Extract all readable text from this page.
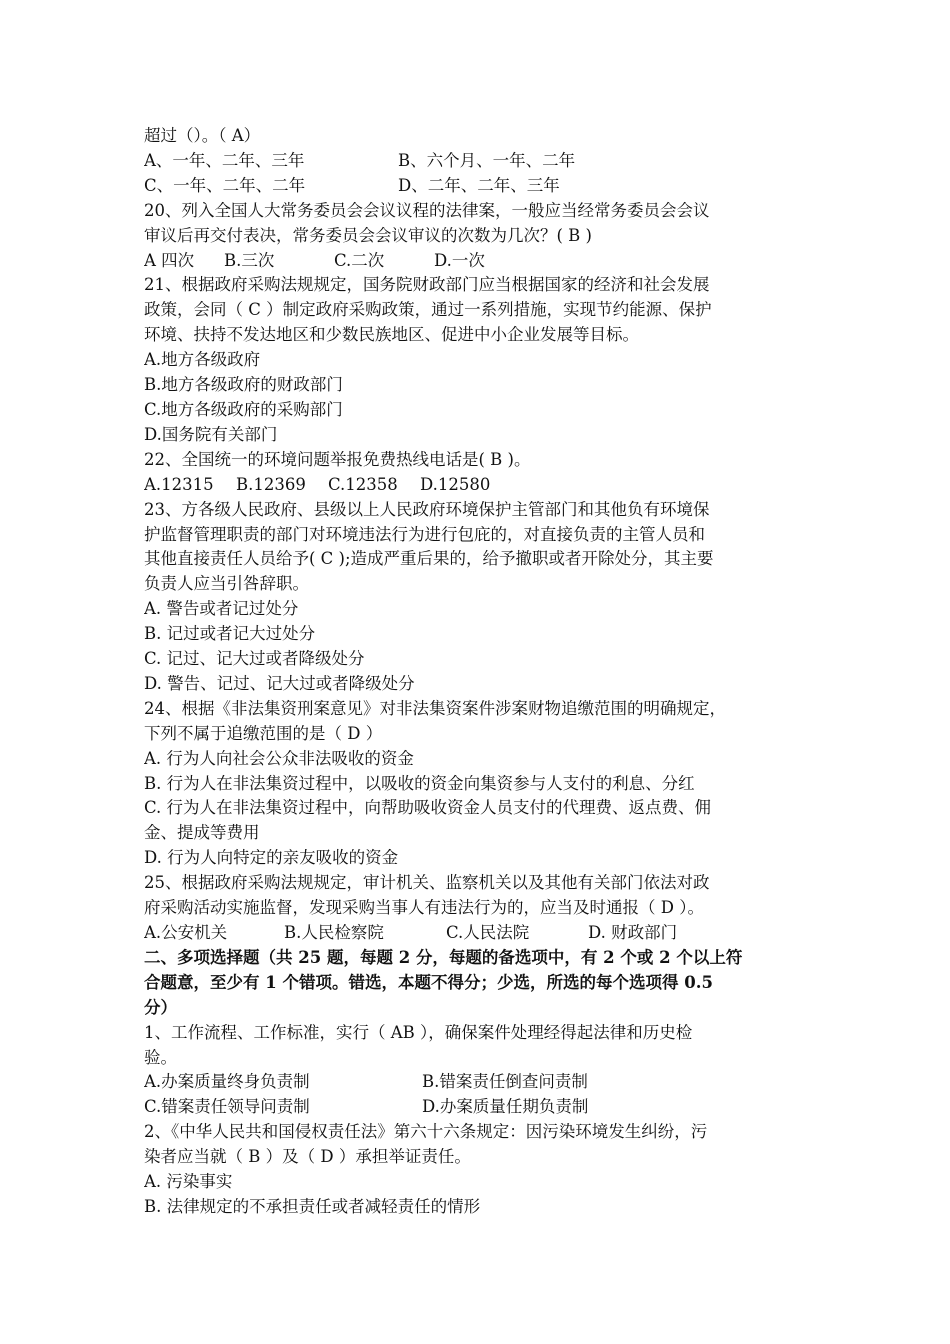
超过（）。（ A）
A、一年、二年、三年	B、六个月、一年、二年
C、一年、二年、二年	D、二年、二年、三年
20、列入全国人大常务委员会会议议程的法律案，一般应当经常务委员会会议
审议后再交付表决，常务委员会会议审议的次数为几次？( B )
A 四次 B.三次	C.二次	D.一次
21、根据政府采购法规规定，国务院财政部门应当根据国家的经济和社会发展
政策，会同（ C ）制定政府采购政策，通过一系列措施，实现节约能源、保护
环境、扶持不发达地区和少数民族地区、促进中小企业发展等目标。
A.地方各级政府
B.地方各级政府的财政部门
C.地方各级政府的采购部门
D.国务院有关部门
22、全国统一的环境问题举报免费热线电话是( B )。
A.12315 B.12369 C.12358 D.12580
23、方各级人民政府、县级以上人民政府环境保护主管部门和其他负有环境保
护监督管理职责的部门对环境违法行为进行包庇的，对直接负责的主管人员和
其他直接责任人员给予( C );造成严重后果的，给予撤职或者开除处分，其主要
负责人应当引咎辞职。
A. 警告或者记过处分
B. 记过或者记大过处分
C. 记过、记大过或者降级处分
D. 警告、记过、记大过或者降级处分
24、根据《非法集资刑案意见》对非法集资案件涉案财物追缴范围的明确规定，
下列不属于追缴范围的是（ D ）
A. 行为人向社会公众非法吸收的资金
B. 行为人在非法集资过程中，以吸收的资金向集资参与人支付的利息、分红
C. 行为人在非法集资过程中，向帮助吸收资金人员支付的代理费、返点费、佣
金、提成等费用
D. 行为人向特定的亲友吸收的资金
25、根据政府采购法规规定，审计机关、监察机关以及其他有关部门依法对政
府采购活动实施监督，发现采购当事人有违法行为的，应当及时通报（ D ）。
A.公安机关	B.人民检察院	C.人民法院	D. 财政部门
二、多项选择题（共 25 题，每题 2 分，每题的备选项中，有 2 个或 2 个以上符
合题意，至少有 1 个错项。错选，本题不得分；少选，所选的每个选项得 0.5
分）
1、工作流程、工作标准，实行（ AB ），确保案件处理经得起法律和历史检
验。
A.办案质量终身负责制	B.错案责任倒查问责制
C.错案责任领导问责制	D.办案质量任期负责制
2、《中华人民共和国侵权责任法》第六十六条规定：因污染环境发生纠纷，污
染者应当就（ B ）及（ D ）承担举证责任。
A. 污染事实
B. 法律规定的不承担责任或者减轻责任的情形
